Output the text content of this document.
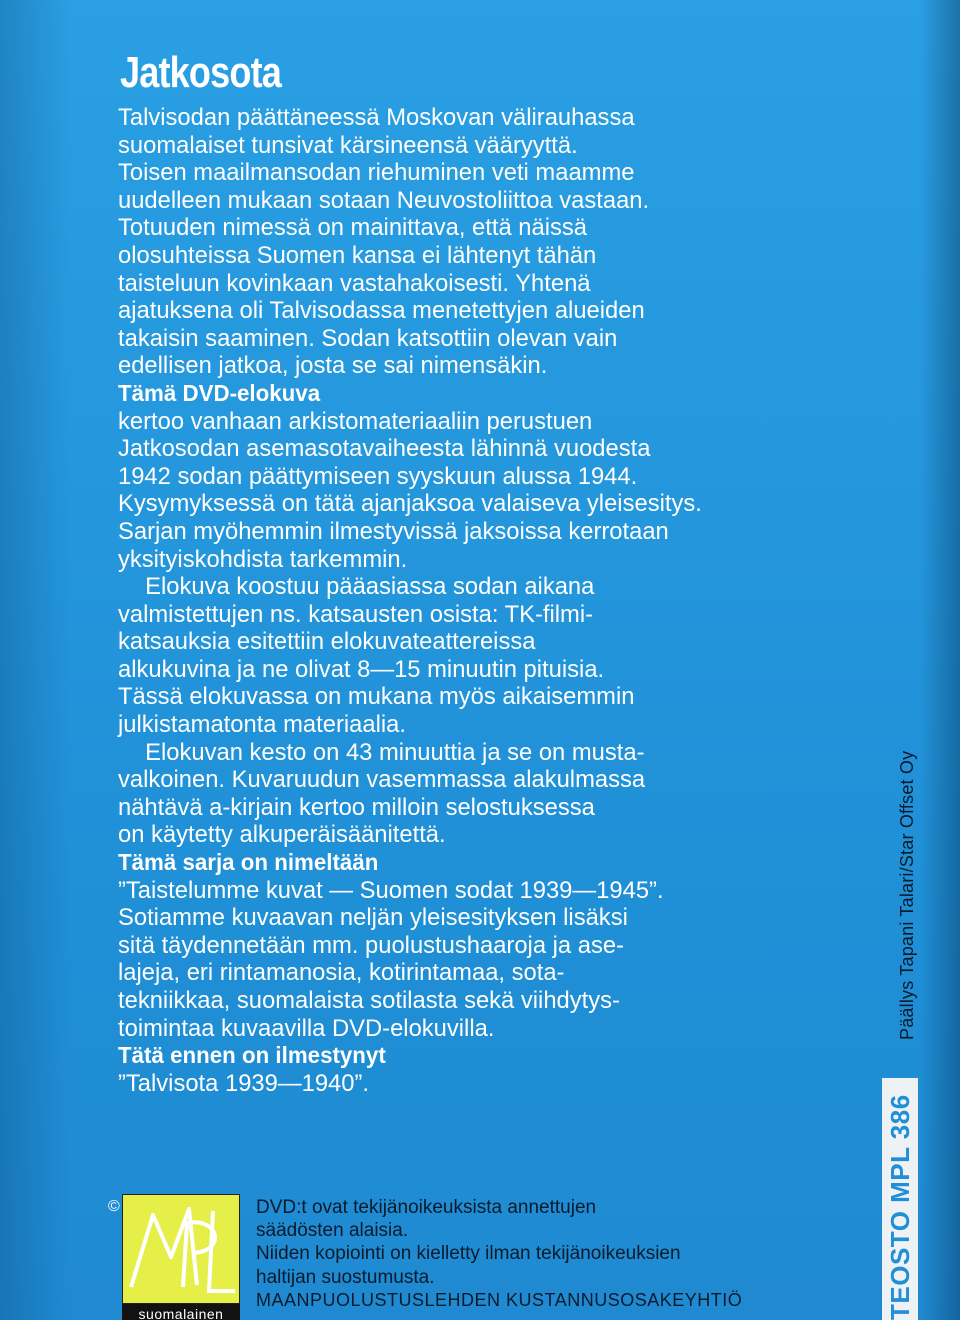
Jatkosota
Talvisodan päättäneessä Moskovan välirauhassa
suomalaiset tunsivat kärsineensä vääryyttä.
Toisen maailmansodan riehuminen veti maamme
uudelleen mukaan sotaan Neuvostoliittoa vastaan.
Totuuden nimessä on mainittava, että näissä
olosuhteissa Suomen kansa ei lähtenyt tähän
taisteluun kovinkaan vastahakoisesti. Yhtenä
ajatuksena oli Talvisodassa menetettyjen alueiden
takaisin saaminen. Sodan katsottiin olevan vain
edellisen jatkoa, josta se sai nimensäkin.
Tämä DVD-elokuva
kertoo vanhaan arkistomateriaaliin perustuen
Jatkosodan asemasotavaiheesta lähinnä vuodesta
1942 sodan päättymiseen syyskuun alussa 1944.
Kysymyksessä on tätä ajanjaksoa valaiseva yleisesitys.
Sarjan myöhemmin ilmestyvissä jaksoissa kerrotaan
yksityiskohdista tarkemmin.
Elokuva koostuu pääasiassa sodan aikana
valmistettujen ns. katsausten osista: TK-filmi-
katsauksia esitettiin elokuvateattereissa
alkukuvina ja ne olivat 8—15 minuutin pituisia.
Tässä elokuvassa on mukana myös aikaisemmin
julkistamatonta materiaalia.
Elokuvan kesto on 43 minuuttia ja se on musta-
valkoinen. Kuvaruudun vasemmassa alakulmassa
nähtävä a-kirjain kertoo milloin selostuksessa
on käytetty alkuperäisäänitettä.
Tämä sarja on nimeltään
”Taistelumme kuvat — Suomen sodat 1939—1945”.
Sotiamme kuvaavan neljän yleisesityksen lisäksi
sitä täydennetään mm. puolustushaaroja ja ase-
lajeja, eri rintamanosia, kotirintamaa, sota-
tekniikkaa, suomalaista sotilasta sekä viihdytys-
toimintaa kuvaavilla DVD-elokuvilla.
Tätä ennen on ilmestynyt
”Talvisota 1939—1940”.
©
suomalainen
DVD:t ovat tekijänoikeuksista annettujen
säädösten alaisia.
Niiden kopiointi on kielletty ilman tekijänoikeuksien
haltijan suostumusta.
MAANPUOLUSTUSLEHDEN KUSTANNUSOSAKEYHTIÖ
Päällys Tapani Talari/Star Offset Oy
TEOSTO MPL 386
